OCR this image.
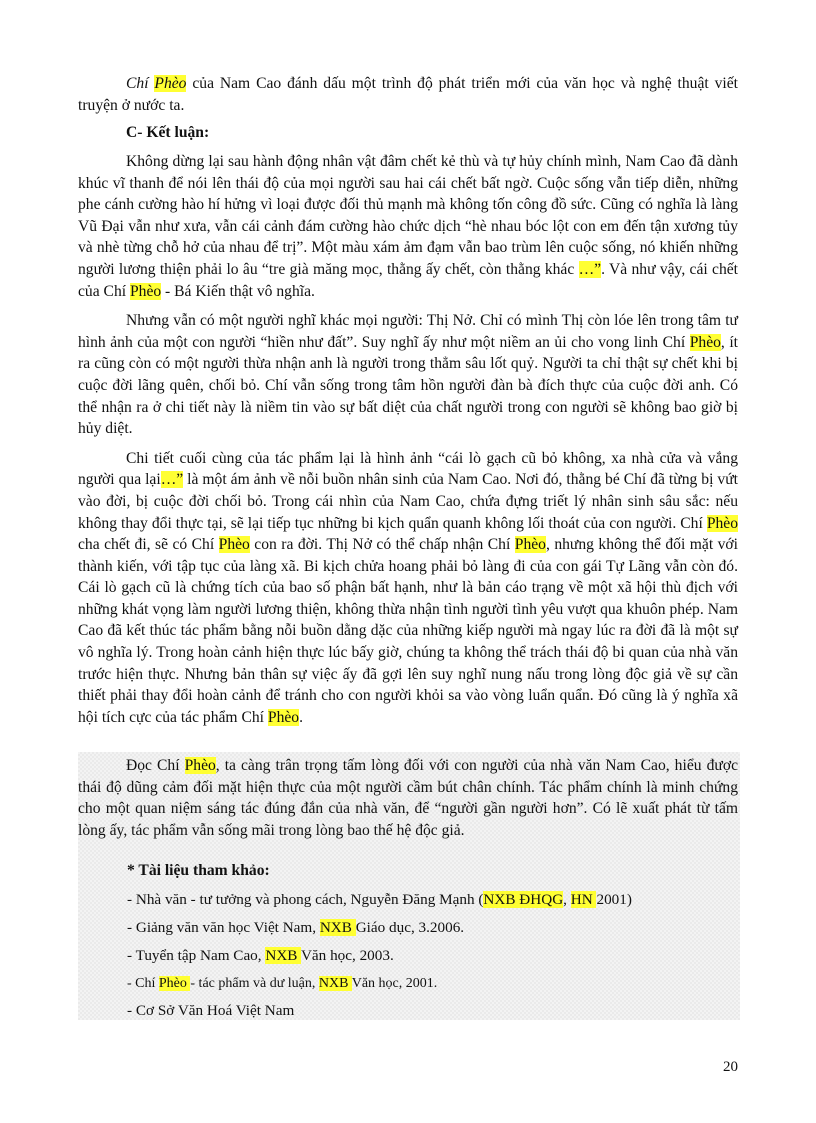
Chí Phèo của Nam Cao đánh dấu một trình độ phát triển mới của văn học và nghệ thuật viết truyện ở nước ta.

C- Kết luận:

Không dừng lại sau hành động nhân vật đâm chết kẻ thù và tự hủy chính mình, Nam Cao đã dành khúc vĩ thanh để nói lên thái độ của mọi người sau hai cái chết bất ngờ. Cuộc sống vẫn tiếp diễn, những phe cánh cường hào hí hửng vì loại được đối thủ mạnh mà không tốn công đồ sức. Cũng có nghĩa là làng Vũ Đại vẫn như xưa, vẫn cái cảnh đám cường hào chức dịch “hè nhau bóc lột con em đến tận xương tủy và nhè từng chỗ hở của nhau để trị”. Một màu xám ảm đạm vẫn bao trùm lên cuộc sống, nó khiến những người lương thiện phải lo âu “tre già măng mọc, thằng ấy chết, còn thằng khác …”. Và như vậy, cái chết của Chí Phèo - Bá Kiến thật vô nghĩa.

Nhưng vẫn có một người nghĩ khác mọi người: Thị Nở. Chỉ có mình Thị còn lóe lên trong tâm tư hình ảnh của một con người “hiền như đất”. Suy nghĩ ấy như một niềm an ủi cho vong linh Chí Phèo, ít ra cũng còn có một người thừa nhận anh là người trong thẳm sâu lốt quỷ. Người ta chỉ thật sự chết khi bị cuộc đời lãng quên, chối bỏ. Chí vẫn sống trong tâm hồn người đàn bà đích thực của cuộc đời anh. Có thể nhận ra ở chi tiết này là niềm tin vào sự bất diệt của chất người trong con người sẽ không bao giờ bị hủy diệt.

Chi tiết cuối cùng của tác phẩm lại là hình ảnh “cái lò gạch cũ bỏ không, xa nhà cửa và vắng người qua lại…” là một ám ảnh về nỗi buồn nhân sinh của Nam Cao. Nơi đó, thằng bé Chí đã từng bị vứt vào đời, bị cuộc đời chối bỏ. Trong cái nhìn của Nam Cao, chứa đựng triết lý nhân sinh sâu sắc: nếu không thay đổi thực tại, sẽ lại tiếp tục những bi kịch quẩn quanh không lối thoát của con người. Chí Phèo cha chết đi, sẽ có Chí Phèo con ra đời. Thị Nở có thể chấp nhận Chí Phèo, nhưng không thể đối mặt với thành kiến, với tập tục của làng xã. Bi kịch chửa hoang phải bỏ làng đi của con gái Tự Lãng vẫn còn đó. Cái lò gạch cũ là chứng tích của bao số phận bất hạnh, như là bản cáo trạng về một xã hội thù địch với những khát vọng làm người lương thiện, không thừa nhận tình người tình yêu vượt qua khuôn phép. Nam Cao đã kết thúc tác phẩm bằng nỗi buồn dằng dặc của những kiếp người mà ngay lúc ra đời đã là một sự vô nghĩa lý. Trong hoàn cảnh hiện thực lúc bấy giờ, chúng ta không thể trách thái độ bi quan của nhà văn trước hiện thực. Nhưng bản thân sự việc ấy đã gợi lên suy nghĩ nung nấu trong lòng độc giả về sự cần thiết phải thay đổi hoàn cảnh để tránh cho con người khỏi sa vào vòng luẩn quẩn. Đó cũng là ý nghĩa xã hội tích cực của tác phẩm Chí Phèo.

Đọc Chí Phèo, ta càng trân trọng tấm lòng đối với con người của nhà văn Nam Cao, hiểu được thái độ dũng cảm đối mặt hiện thực của một người cầm bút chân chính. Tác phẩm chính là minh chứng cho một quan niệm sáng tác đúng đắn của nhà văn, để “người gần người hơn”. Có lẽ xuất phát từ tấm lòng ấy, tác phẩm vẫn sống mãi trong lòng bao thế hệ độc giả.

* Tài liệu tham khảo:
- Nhà văn - tư tưởng và phong cách, Nguyễn Đăng Mạnh (NXB ĐHQG, HN 2001)
- Giảng văn văn học Việt Nam, NXB Giáo dục, 3.2006.
- Tuyển tập Nam Cao, NXB Văn học, 2003.
- Chí Phèo - tác phẩm và dư luận, NXB Văn học, 2001.
- Cơ Sở Văn Hoá Việt Nam
20
